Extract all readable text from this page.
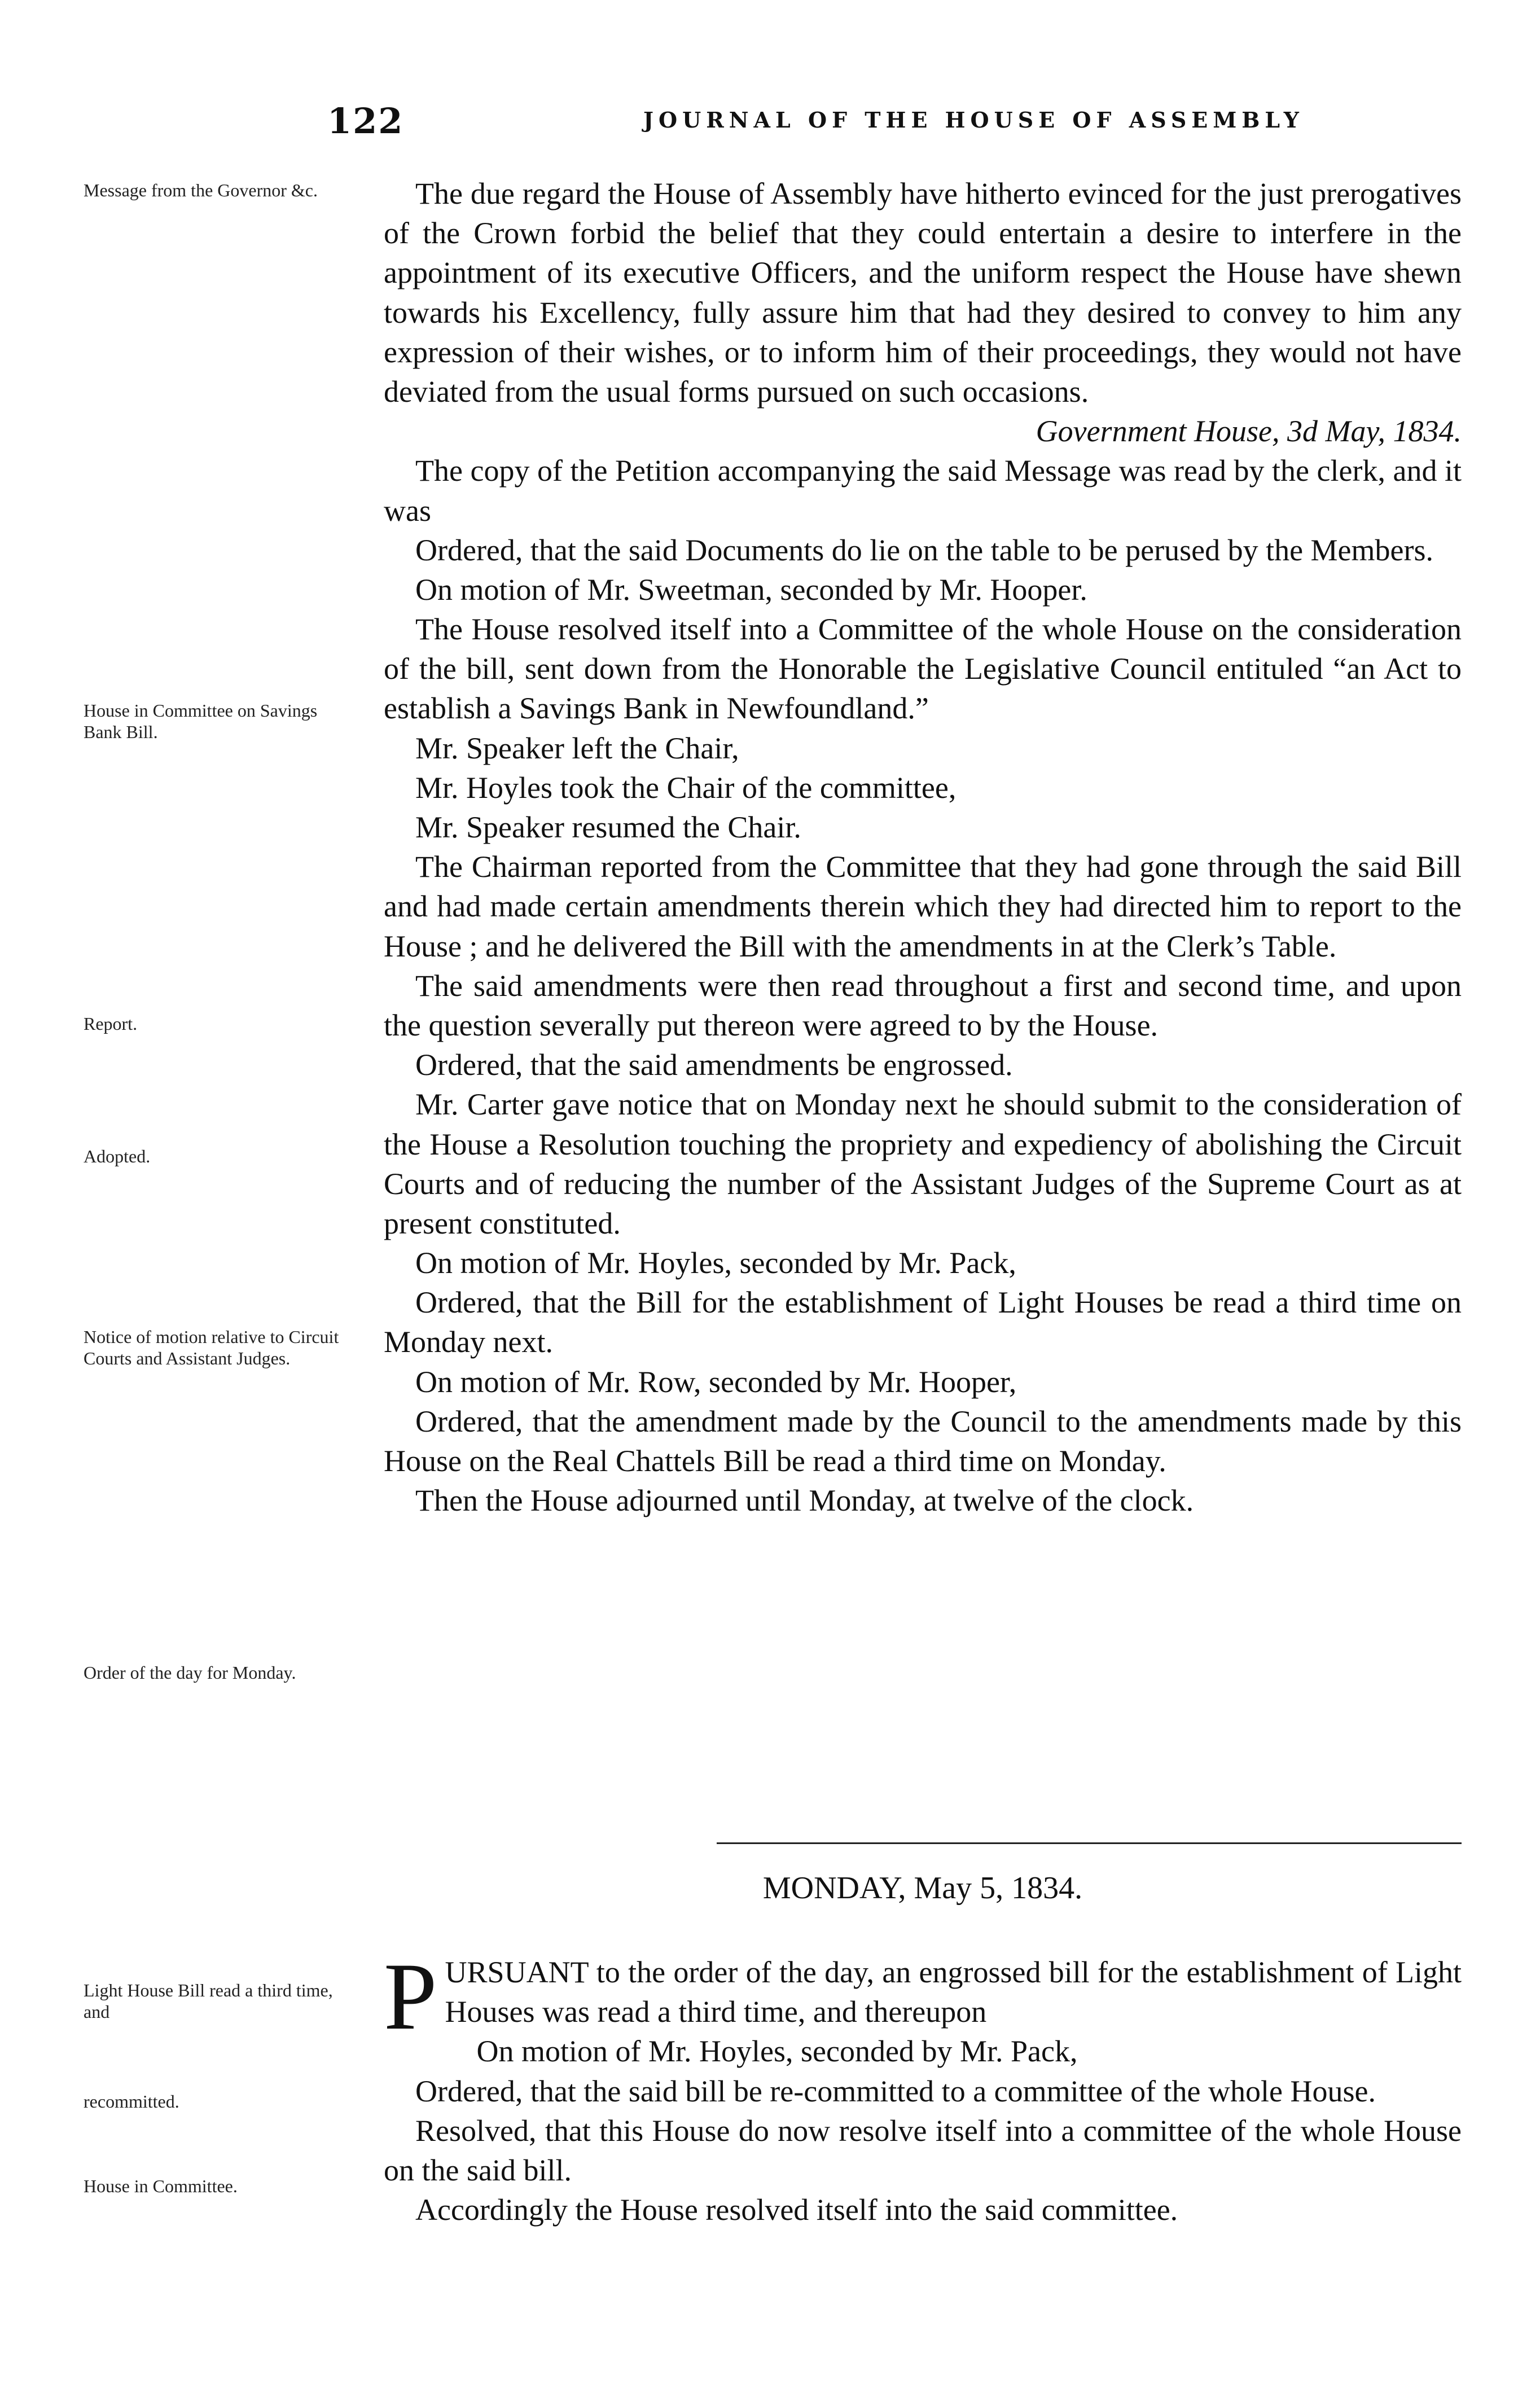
122	JOURNAL OF THE HOUSE OF ASSEMBLY
Message from the Governor &c.
House in Committee on Savings Bank Bill.
Report.
Adopted.
Notice of motion relative to Circuit Courts and Assistant Judges.
Order of the day for Monday.
Light House Bill read a third time, and
recommitted.
House in Committee.

The due regard the House of Assembly have hitherto evinced for the just prerogatives of the Crown forbid the belief that they could entertain a desire to interfere in the appointment of its executive Officers, and the uniform respect the House have shewn towards his Excellency, fully assure him that had they desired to convey to him any expression of their wishes, or to inform him of their proceedings, they would not have deviated from the usual forms pursued on such occasions.

Government House, 3d May, 1834.

The copy of the Petition accompanying the said Message was read by the clerk, and it was

Ordered, that the said Documents do lie on the table to be perused by the Members.

On motion of Mr. Sweetman, seconded by Mr. Hooper.

The House resolved itself into a Committee of the whole House on the consideration of the bill, sent down from the Honorable the Legislative Council entituled “an Act to establish a Savings Bank in Newfoundland.”

Mr. Speaker left the Chair,

Mr. Hoyles took the Chair of the committee,

Mr. Speaker resumed the Chair.

The Chairman reported from the Committee that they had gone through the said Bill and had made certain amendments therein which they had directed him to report to the House ; and he delivered the Bill with the amendments in at the Clerk’s Table.

The said amendments were then read throughout a first and second time, and upon the question severally put thereon were agreed to by the House.

Ordered, that the said amendments be engrossed.

Mr. Carter gave notice that on Monday next he should submit to the consideration of the House a Resolution touching the propriety and expediency of abolishing the Circuit Courts and of reducing the number of the Assistant Judges of the Supreme Court as at present constituted.

On motion of Mr. Hoyles, seconded by Mr. Pack,

Ordered, that the Bill for the establishment of Light Houses be read a third time on Monday next.

On motion of Mr. Row, seconded by Mr. Hooper,

Ordered, that the amendment made by the Council to the amendments made by this House on the Real Chattels Bill be read a third time on Monday.

Then the House adjourned until Monday, at twelve of the clock.

MONDAY, May 5, 1834.

PURSUANT to the order of the day, an engrossed bill for the establishment of Light Houses was read a third time, and thereupon

On motion of Mr. Hoyles, seconded by Mr. Pack,

Ordered, that the said bill be re-committed to a committee of the whole House.

Resolved, that this House do now resolve itself into a committee of the whole House on the said bill.

Accordingly the House resolved itself into the said committee.
